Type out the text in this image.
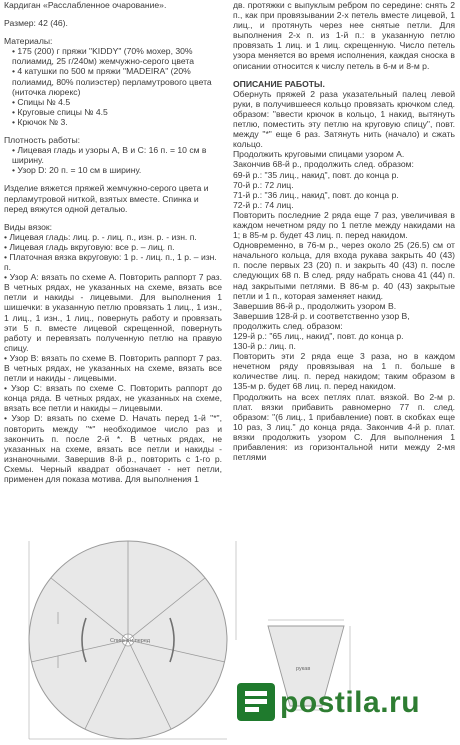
Кардиган «Расслабленное очарование».

Размер: 42 (46).

Материалы:

• 175 (200) г пряжи "KIDDY" (70% мохер, 30% полиамид, 25 г/240м) жемчужно-серого цвета

• 4 катушки по 500 м пряжи "MADEIRA" (20% полиамид, 80% полиэстер) перламутрового цвета (ниточка люрекс)

• Спицы № 4.5

• Круговые спицы № 4.5

• Крючок № 3.

Плотность работы:

• Лицевая гладь и узоры А, В и С: 16 п. = 10 см в ширину.

• Узор D: 20 п. = 10 см в ширину.

Изделие вяжется пряжей жемчужно-серого цвета и перламутровой ниткой, взятых вместе. Спинка и перед вяжутся одной деталью.

Виды вязок:

• Лицевая гладь: лиц. р. - лиц. п., изн. р. - изн. п.

• Лицевая гладь вкруговую: все р. – лиц. п.

• Платочная вязка вкруговую: 1 р. - лиц. п., 1 р. – изн. п.

• Узор A: вязать по схеме А. Повторить раппорт 7 раз. В четных рядах, не указанных на схеме, вязать все петли и накиды - лицевыми. Для выполнения 1 шишечки: в указанную петлю провязать 1 лиц., 1 изн., 1 лиц., 1 изн., 1 лиц., повернуть работу и провязать эти 5 п. вместе лицевой скрещенной, повернуть работу и перевязать полученную петлю на правую спицу.

• Узор B: вязать по схеме В. Повторить раппорт 7 раз. В четных рядах, не указанных на схеме, вязать все петли и накиды - лицевыми.

• Узор C: вязать по схеме С. Повторить раппорт до конца ряда. В четных рядах, не указанных на схеме, вязать все петли и накиды – лицевыми.

• Узор D: вязать по схеме D. Начать перед 1-й "*", повторить между "*" необходимое число раз и закончить п. после 2-й *. В четных рядах, не указанных на схеме, вязать все петли и накиды - изнаночными. Завершив 8-й р., повторить с 1-го р. Схемы. Черный квадрат обозначает - нет петли, применен для показа мотива. Для выполнения 1

дв. протяжки с выпуклым ребром по середине: снять 2 п., как при провязывании 2-х петель вместе лицевой, 1 лиц., и протянуть через нее снятые петли. Для выполнения 2-х п. из 1-й п.: в указанную петлю провязать 1 лиц. и 1 лиц. скрещенную. Число петель узора меняется во время исполнения, каждая сноска в описании относится к числу петель в 6-м и 8-м р.

ОПИСАНИЕ РАБОТЫ.

Обернуть пряжей 2 раза указательный палец левой руки, в получившееся кольцо провязать крючком след. образом: "ввести крючок в кольцо, 1 накид, вытянуть петлю, поместить эту петлю на круговую спицу", повт. между "*" еще 6 раз. Затянуть нить (начало) и сжать кольцо.

Продолжить круговыми спицами узором А.

Закончив 68-й р., продолжить след. образом:

69-й р.: "35 лиц., накид", повт. до конца р.

70-й р.: 72 лиц.

71-й р.: "36 лиц., накид", повт. до конца р.

72-й р.: 74 лиц.

Повторить последние 2 ряда еще 7 раз, увеличивая в каждом нечетном ряду по 1 петле между накидами на 1; в 85-м р. будет 43 лиц. п. перед накидом.

Одновременно, в 76-м р., через около 25 (26.5) см от начального кольца, для входа рукава закрыть 40 (43) п. после первых 23 (20) п. и закрыть 40 (43) п. после следующих 68 п. В след. ряду набрать снова 41 (44) п. над закрытыми петлями. В 86-м р. 40 (43) закрытые петли и 1 п., которая заменяет накид.

Завершив 86-й р., продолжить узором В.

Завершив 128-й р. и соответственно узор В, продолжить след. образом:

129-й р.: "65 лиц., накид", повт. до конца р.

130-й р.: лиц. п.

Повторить эти 2 ряда еще 3 раза, но в каждом нечетном ряду провязывая на 1 п. больше в количестве лиц. п. перед накидом; таким образом в 135-м р. будет 68 лиц. п. перед накидом.

Продолжить на всех петлях плат. вязкой. Во 2-м р. плат. вязки прибавить равномерно 77 п. след. образом: "(6 лиц., 1 прибавление) повт. в скобках еще 10 раз, 3 лиц." до конца ряда. Закончив 4-й р. плат. вязки продолжить узором С. Для выполнения 1 прибавления: из горизонтальной нити между 2-мя петлями

Спинка и перед
рукав
postila.ru
